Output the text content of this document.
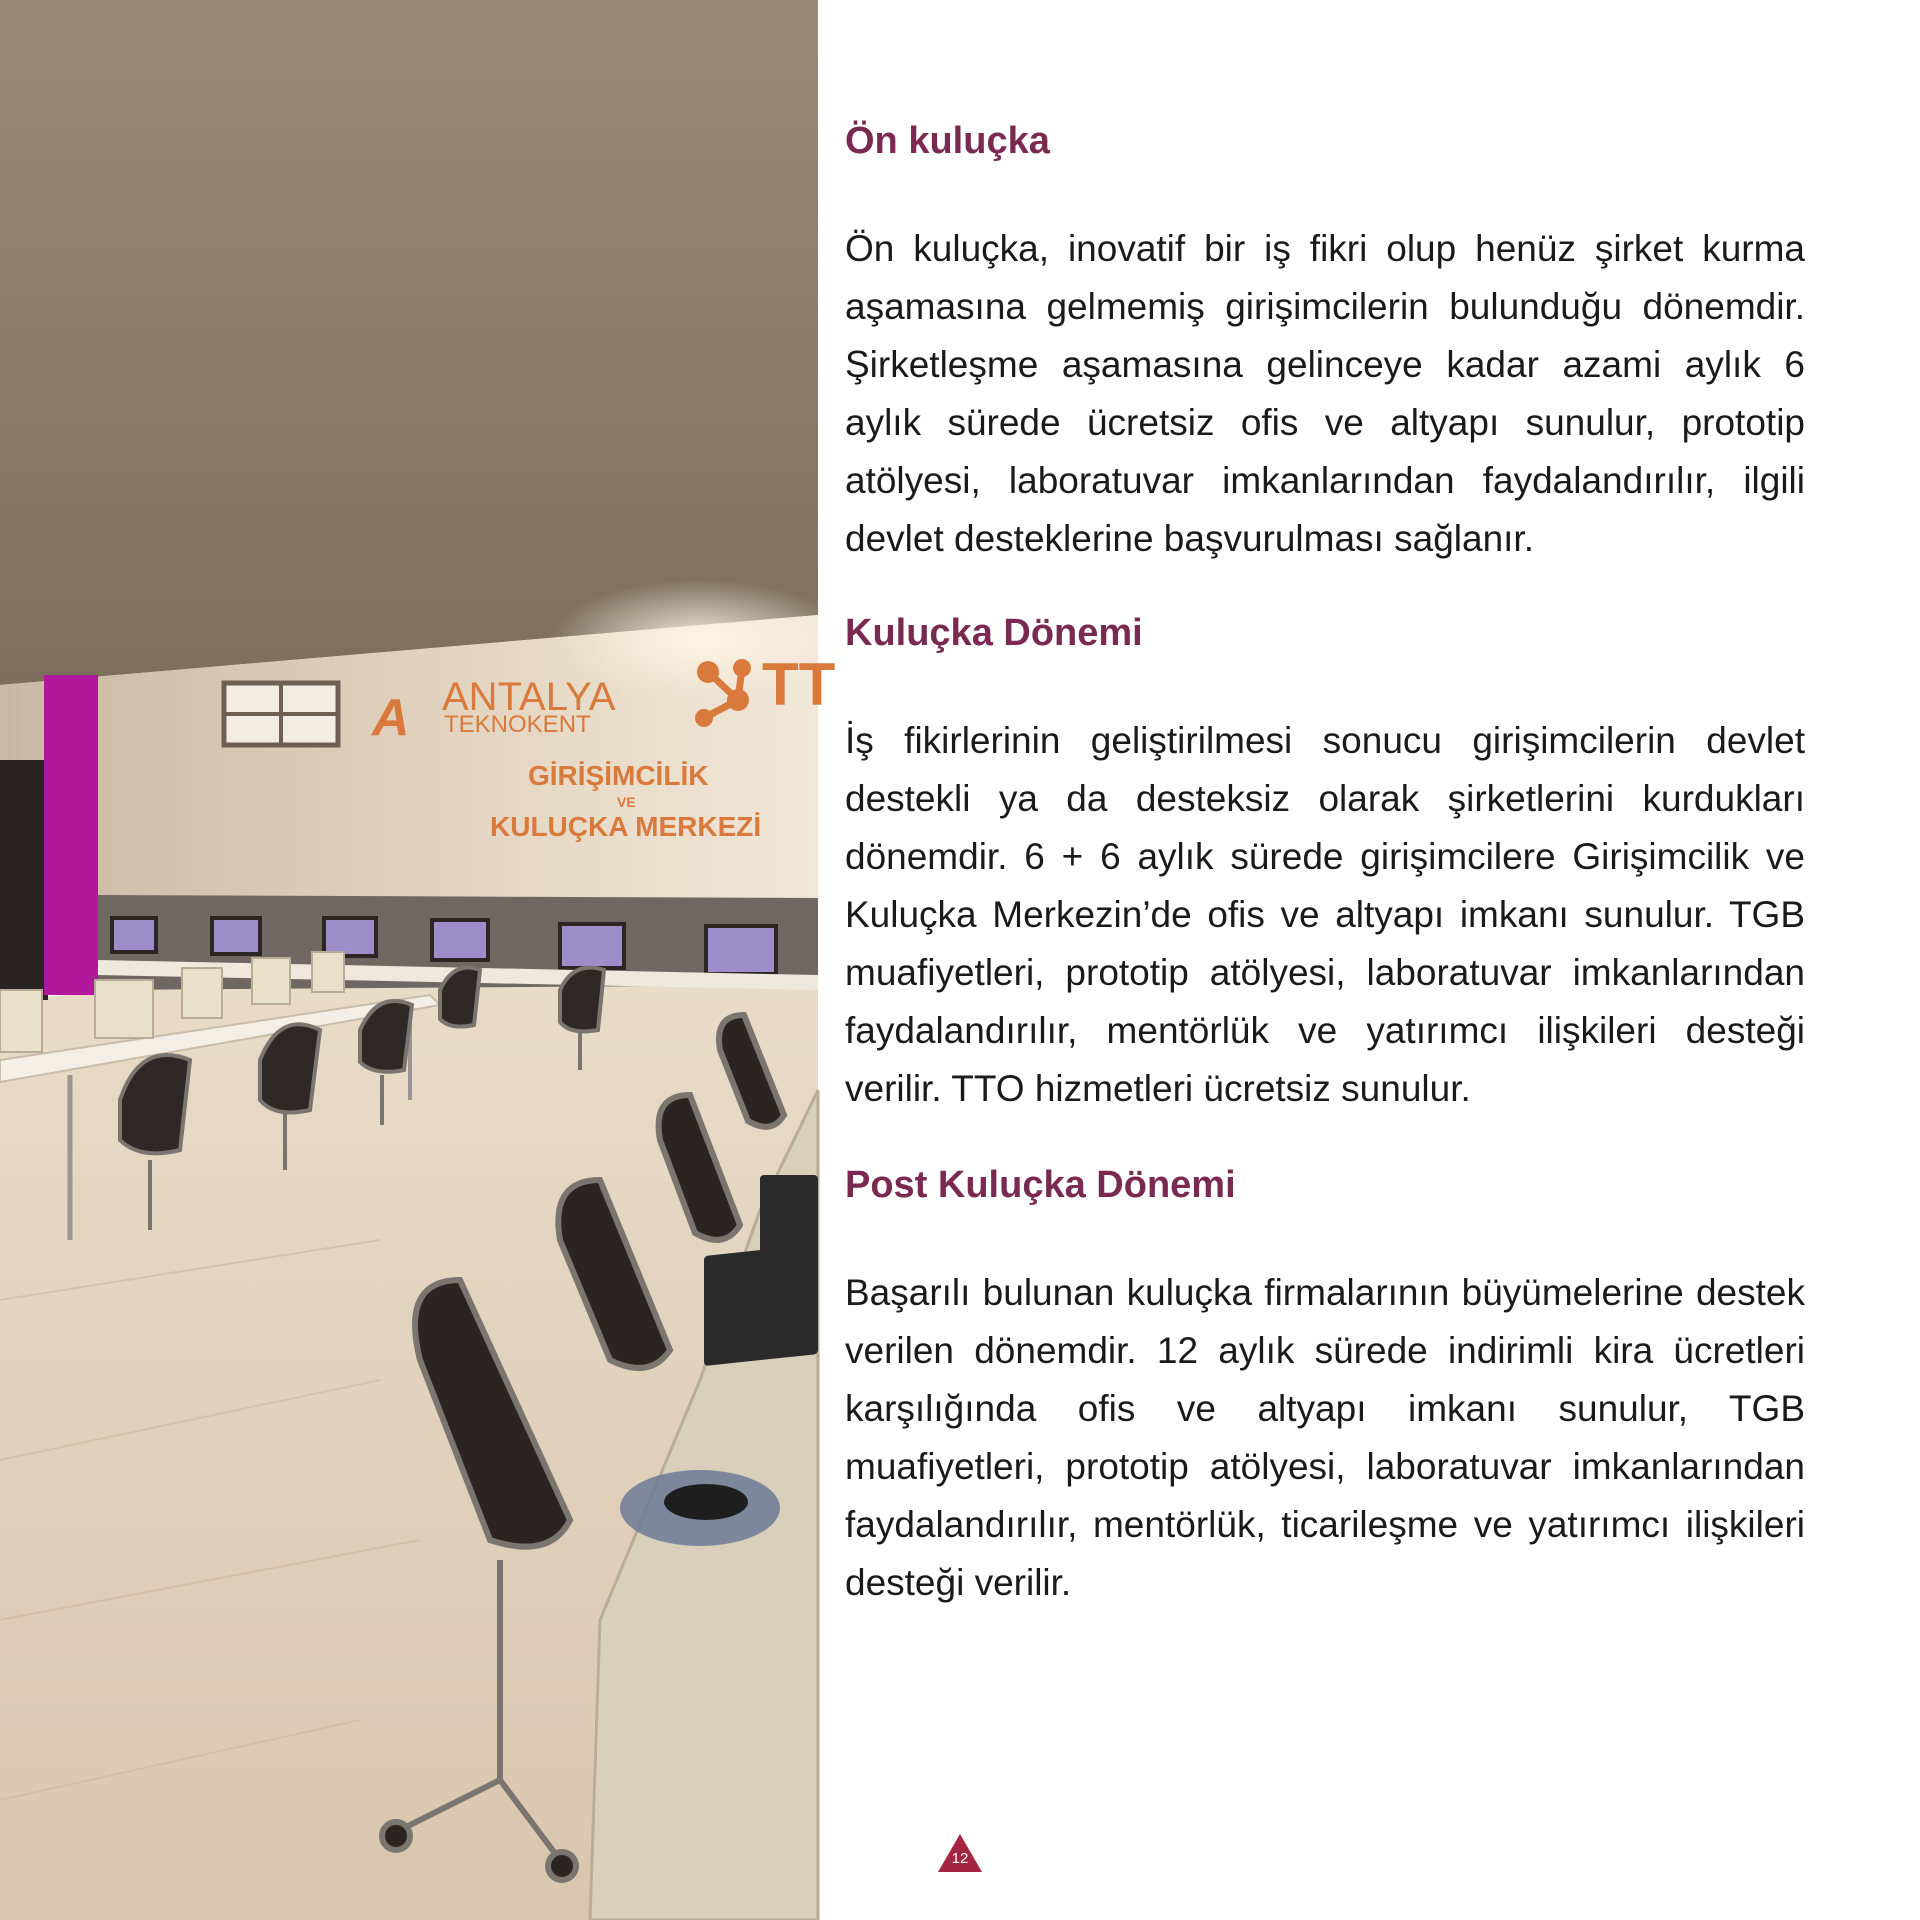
A ANTALYA
TEKNOKENT
GİRİŞİMCİLİK
VE
KULUÇKA MERKEZİ
TT
Ön kuluçka

Ön kuluçka, inovatif bir iş fikri olup henüz şirket kurma aşamasına gelmemiş girişimcilerin bulunduğu dönemdir. Şirketleşme aşamasına gelinceye kadar azami aylık 6 aylık sürede ücretsiz ofis ve altyapı sunulur, prototip atölyesi, laboratuvar imkanlarından faydalandırılır, ilgili devlet desteklerine başvurulması sağlanır.

Kuluçka Dönemi

İş fikirlerinin geliştirilmesi sonucu girişimcilerin devlet destekli ya da desteksiz olarak şirketlerini kurdukları dönemdir. 6 + 6 aylık sürede girişimcilere Girişimcilik ve Kuluçka Merkezin’de ofis ve altyapı imkanı sunulur. TGB muafiyetleri, prototip atölyesi, laboratuvar imkanlarından faydalandırılır, mentörlük ve yatırımcı ilişkileri desteği verilir. TTO hizmetleri ücretsiz sunulur.

Post Kuluçka Dönemi

Başarılı bulunan kuluçka firmalarının büyümelerine destek verilen dönemdir. 12 aylık sürede indirimli kira ücretleri karşılığında ofis ve altyapı imkanı sunulur, TGB muafiyetleri, prototip atölyesi, laboratuvar imkanlarından faydalandırılır, mentörlük, ticarileşme ve yatırımcı ilişkileri desteği verilir.

12
